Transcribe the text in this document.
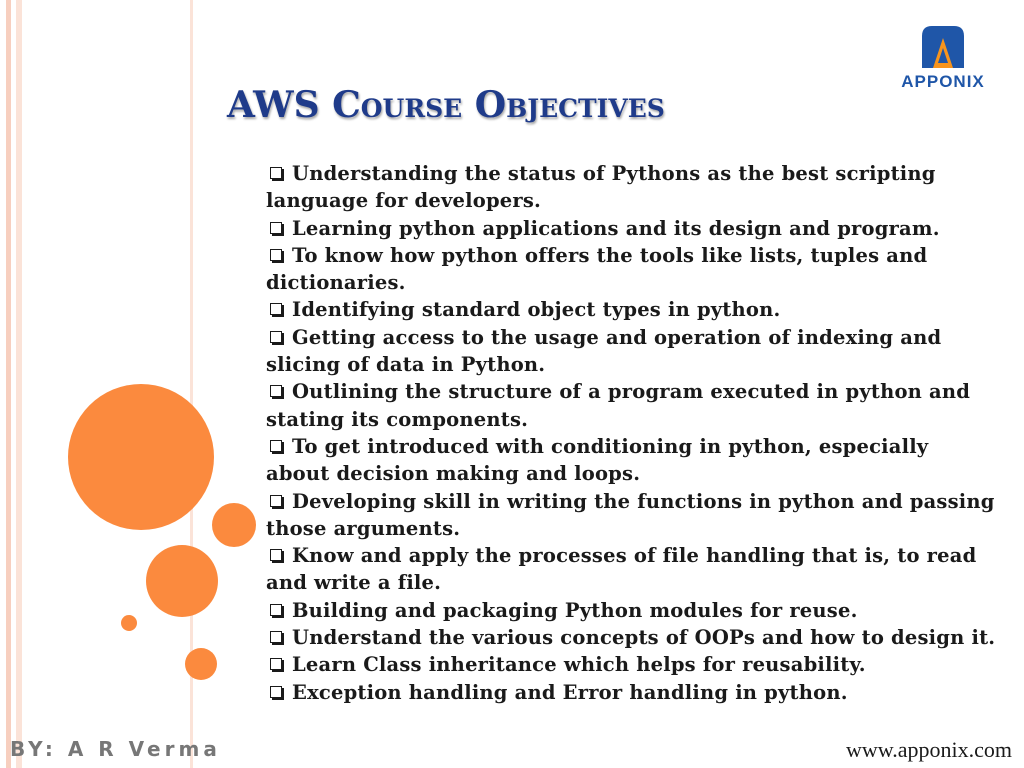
APPONIX
AWS Course Objectives
Understanding the status of Pythons as the best scripting language for developers.
Learning python applications and its design and program.
To know how python offers the tools like lists, tuples and dictionaries.
Identifying standard object types in python.
Getting access to the usage and operation of indexing and slicing of data in Python.
Outlining the structure of a program executed in python and stating its components.
To get introduced with conditioning in python, especially about decision making and loops.
Developing skill in writing the functions in python and passing those arguments.
Know and apply the processes of file handling that is, to read and write a file.
Building and packaging Python modules for reuse.
Understand the various concepts of OOPs and how to design it.
Learn Class inheritance which helps for reusability.
Exception handling and Error handling in python.
BY: A R Verma	www.apponix.com
